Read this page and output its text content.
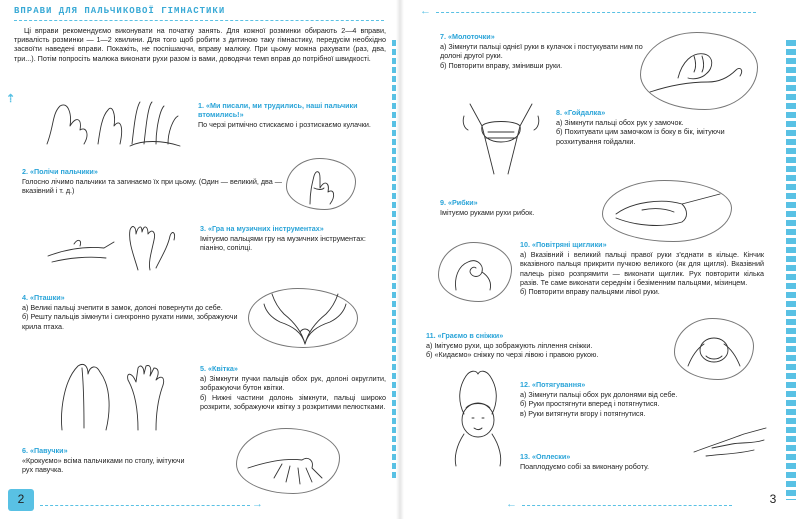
ВПРАВИ ДЛЯ ПАЛЬЧИКОВОЇ ГІМНАСТИКИ
⇡

Ці вправи рекомендуємо виконувати на початку занять. Для кожної розминки обирають 2—4 вправи, тривалість розминки — 1—2 хвилини. Для того щоб робити з дитиною таку гімнастику, передусім необхідно засвоїти наведені вправи. Покажіть, не поспішаючи, вправу малюку. При цьому можна рахувати (раз, два, три...). Потім попросіть малюка виконати рухи разом із вами, доводячи темп вправ до потрібної швидкості.

1. «Ми писали, ми трудились, наші пальчики втомились!»

По черзі ритмічно стискаємо і розтискаємо кулачки.

2. «Полічи пальчики»

Голосно лічимо пальчики та загинаємо їх при цьому. (Один — великий, два — вказівний і т. д.)

3. «Гра на музичних інструментах»

Імітуємо пальцями гру на музичних інструментах: піаніно, сопілці.

4. «Пташки»

а) Великі пальці зчепити в замок, долоні повернути до себе.
б) Решту пальців зімкнути і синхронно рухати ними, зображуючи крила птаха.

5. «Квітка»

а) Зімкнути пучки пальців обох рук, долоні округлити, зображуючи бутон квітки.
б) Нижні частини долонь зімкнути, пальці широко розкрити, зображуючи квітку з розкритими пелюстками.

6. «Павучки»

«Крокуємо» всіма пальчиками по столу, імітуючи рух павучка.

2	→
←
7. «Молоточки»

а) Зімкнути пальці однієї руки в кулачок і постукувати ним по долоні другої руки.
б) Повторити вправу, змінивши руки.

8. «Гойдалка»

а) Зімкнути пальці обох рук у замочок.
б) Похитувати цим замочком із боку в бік, імітуючи розхитування гойдалки.

9. «Рибки»

Імітуємо руками рухи рибок.

10. «Повітряні щиглики»

а) Вказівний і великий пальці правої руки з'єднати в кільце. Кінчик вказівного пальця прикрити пучкою великого (як для щигля). Вказівний палець різко розпрямити — виконати щиглик. Рух повторити кілька разів. Те саме виконати середнім і безіменним пальцями, мізинцем.
б) Повторити вправу пальцями лівої руки.

11. «Граємо в сніжки»

а) Імітуємо рухи, що зображують ліплення сніжки.
б) «Кидаємо» сніжку по черзі лівою і правою рукою.

12. «Потягування»

а) Зімкнути пальці обох рук долонями від себе.
б) Руки простягнути вперед і потягнутися.
в) Руки витягнути вгору і потягнутися.

13. «Оплески»

Поаплодуємо собі за виконану роботу.

←	3
